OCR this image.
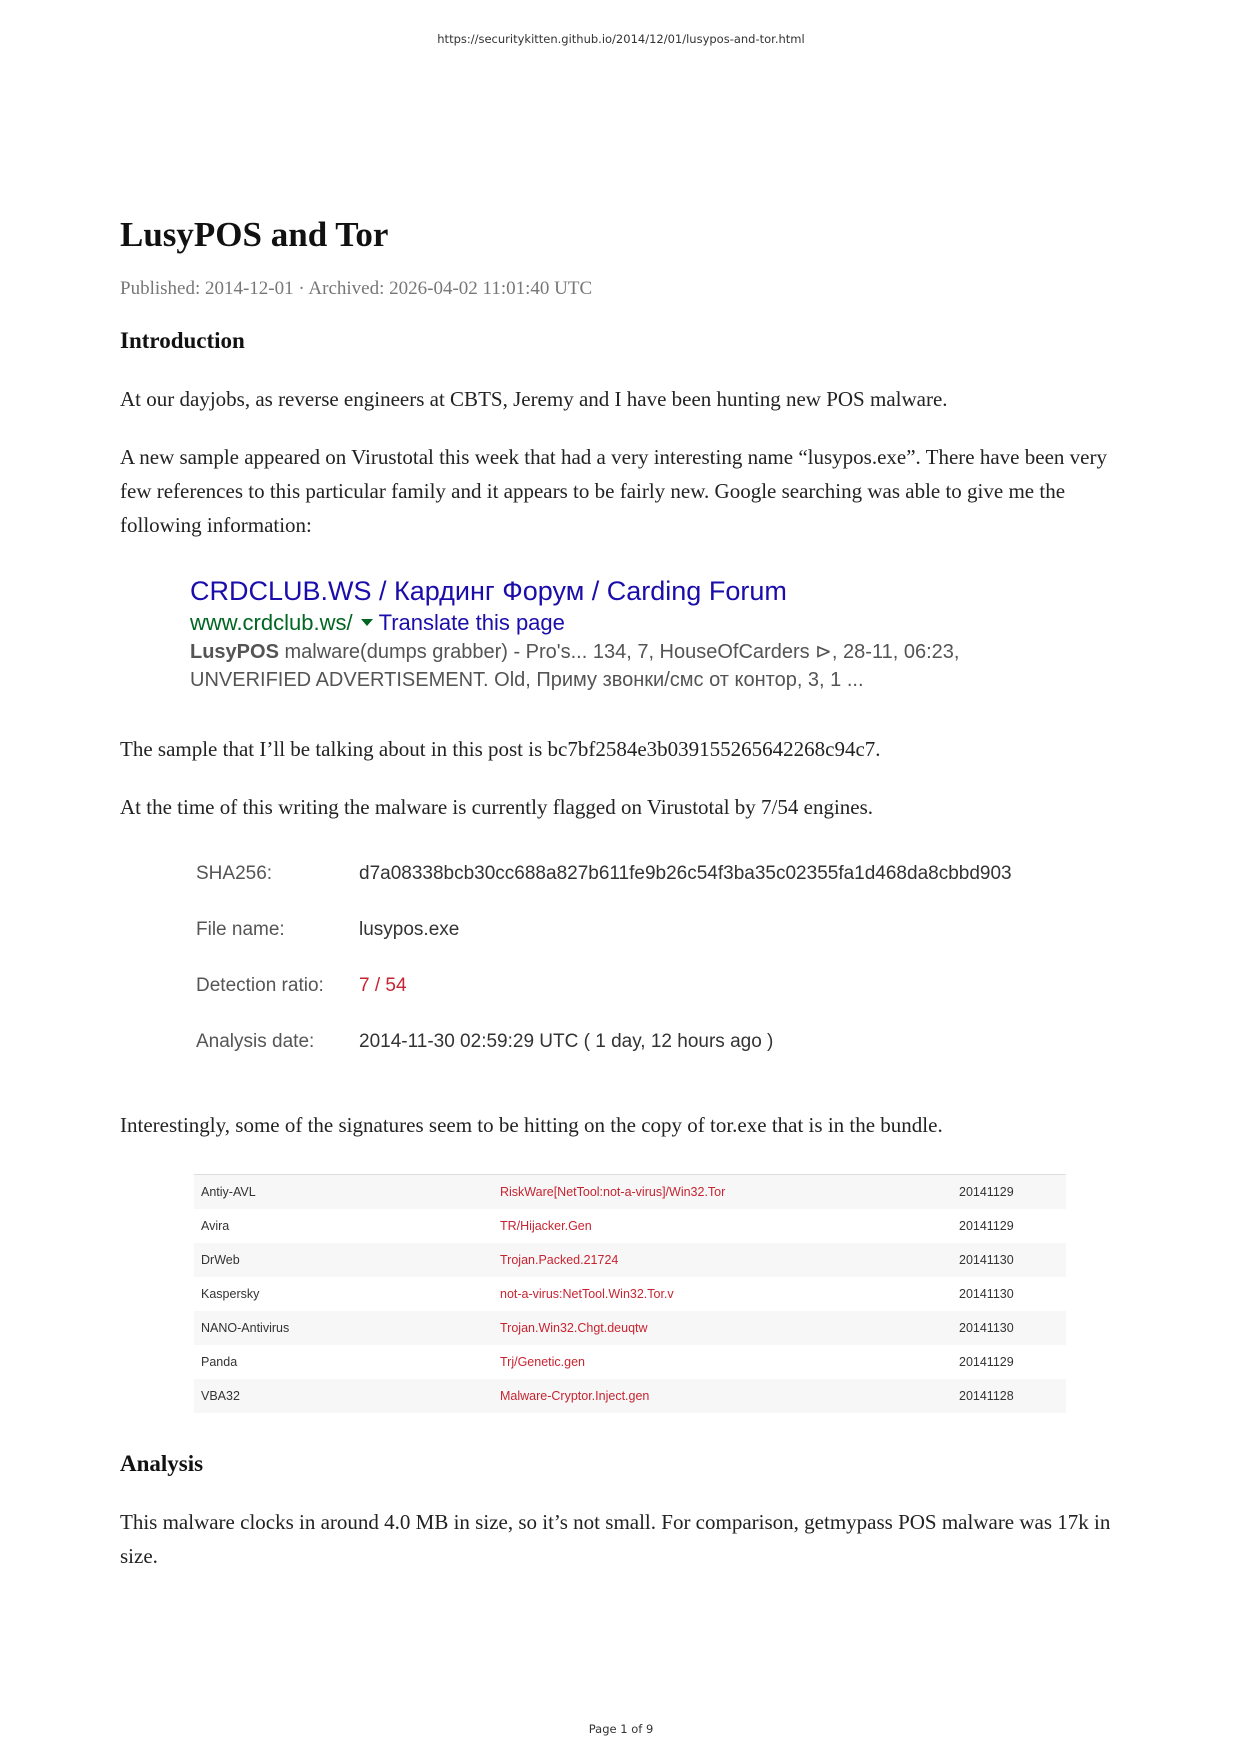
https://securitykitten.github.io/2014/12/01/lusypos-and-tor.html
LusyPOS and Tor
Published: 2014-12-01 · Archived: 2026-04-02 11:01:40 UTC
Introduction

At our dayjobs, as reverse engineers at CBTS, Jeremy and I have been hunting new POS malware.

A new sample appeared on Virustotal this week that had a very interesting name “lusypos.exe”. There have been very few references to this particular family and it appears to be fairly new. Google searching was able to give me the following information:

CRDCLUB.WS / Кардинг Форум / Carding Forum
www.crdclub.ws/ Translate this page
LusyPOS malware(dumps grabber) - Pro's... 134, 7, HouseOfCarders ⊳, 28-11, 06:23,
UNVERIFIED ADVERTISEMENT. Old, Приму звонки/смс от контор, 3, 1 ...

The sample that I’ll be talking about in this post is bc7bf2584e3b039155265642268c94c7.

At the time of this writing the malware is currently flagged on Virustotal by 7/54 engines.

SHA256:	d7a08338bcb30cc688a827b611fe9b26c54f3ba35c02355fa1d468da8cbbd903
File name:	lusypos.exe
Detection ratio:	7 / 54
Analysis date:	2014-11-30 02:59:29 UTC ( 1 day, 12 hours ago )

Interestingly, some of the signatures seem to be hitting on the copy of tor.exe that is in the bundle.

Antiy-AVL	RiskWare[NetTool:not-a-virus]/Win32.Tor	20141129
Avira	TR/Hijacker.Gen	20141129
DrWeb	Trojan.Packed.21724	20141130
Kaspersky	not-a-virus:NetTool.Win32.Tor.v	20141130
NANO-Antivirus	Trojan.Win32.Chgt.deuqtw	20141130
Panda	Trj/Genetic.gen	20141129
VBA32	Malware-Cryptor.Inject.gen	20141128
Analysis

This malware clocks in around 4.0 MB in size, so it’s not small. For comparison, getmypass POS malware was 17k in size.

Page 1 of 9
